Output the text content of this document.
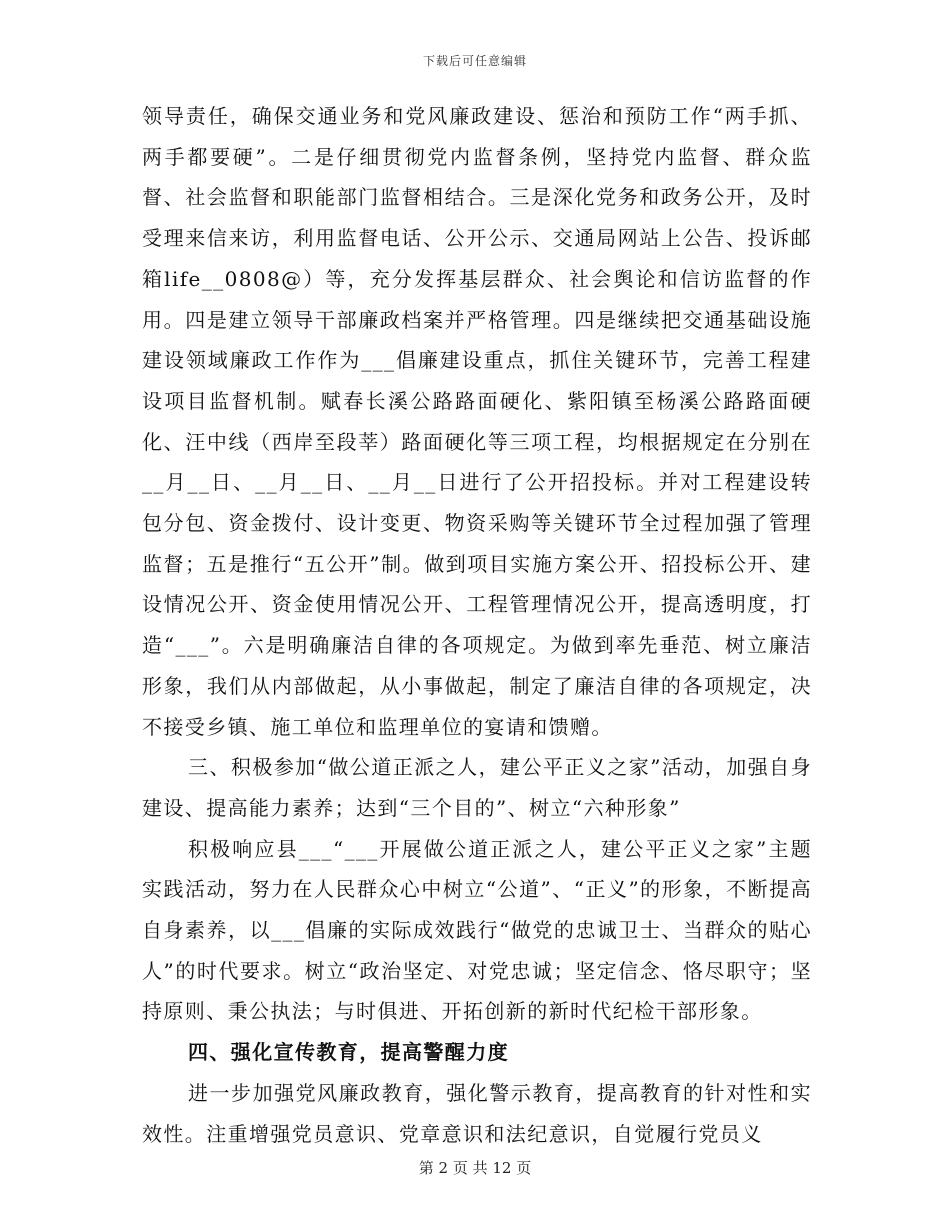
下载后可任意编辑

领导责任，确保交通业务和党风廉政建设、惩治和预防工作“两手抓、两手都要硬”。二是仔细贯彻党内监督条例，坚持党内监督、群众监督、社会监督和职能部门监督相结合。三是深化党务和政务公开，及时受理来信来访，利用监督电话、公开公示、交通局网站上公告、投诉邮箱life__0808@）等，充分发挥基层群众、社会舆论和信访监督的作用。四是建立领导干部廉政档案并严格管理。四是继续把交通基础设施建设领域廉政工作作为___倡廉建设重点，抓住关键环节，完善工程建设项目监督机制。赋春长溪公路路面硬化、紫阳镇至杨溪公路路面硬化、汪中线（西岸至段莘）路面硬化等三项工程，均根据规定在分别在__月__日、__月__日、__月__日进行了公开招投标。并对工程建设转包分包、资金拨付、设计变更、物资采购等关键环节全过程加强了管理监督；五是推行“五公开”制。做到项目实施方案公开、招投标公开、建设情况公开、资金使用情况公开、工程管理情况公开，提高透明度，打造“___”。六是明确廉洁自律的各项规定。为做到率先垂范、树立廉洁形象，我们从内部做起，从小事做起，制定了廉洁自律的各项规定，决不接受乡镇、施工单位和监理单位的宴请和馈赠。

三、积极参加“做公道正派之人，建公平正义之家”活动，加强自身建设、提高能力素养；达到“三个目的”、树立“六种形象”

积极响应县___“___开展做公道正派之人，建公平正义之家”主题实践活动，努力在人民群众心中树立“公道”、“正义”的形象，不断提高自身素养，以___倡廉的实际成效践行“做党的忠诚卫士、当群众的贴心人”的时代要求。树立“政治坚定、对党忠诚；坚定信念、恪尽职守；坚持原则、秉公执法；与时俱进、开拓创新的新时代纪检干部形象。

四、强化宣传教育，提高警醒力度

进一步加强党风廉政教育，强化警示教育，提高教育的针对性和实效性。注重增强党员意识、党章意识和法纪意识，自觉履行党员义

第 2 页 共 12 页
